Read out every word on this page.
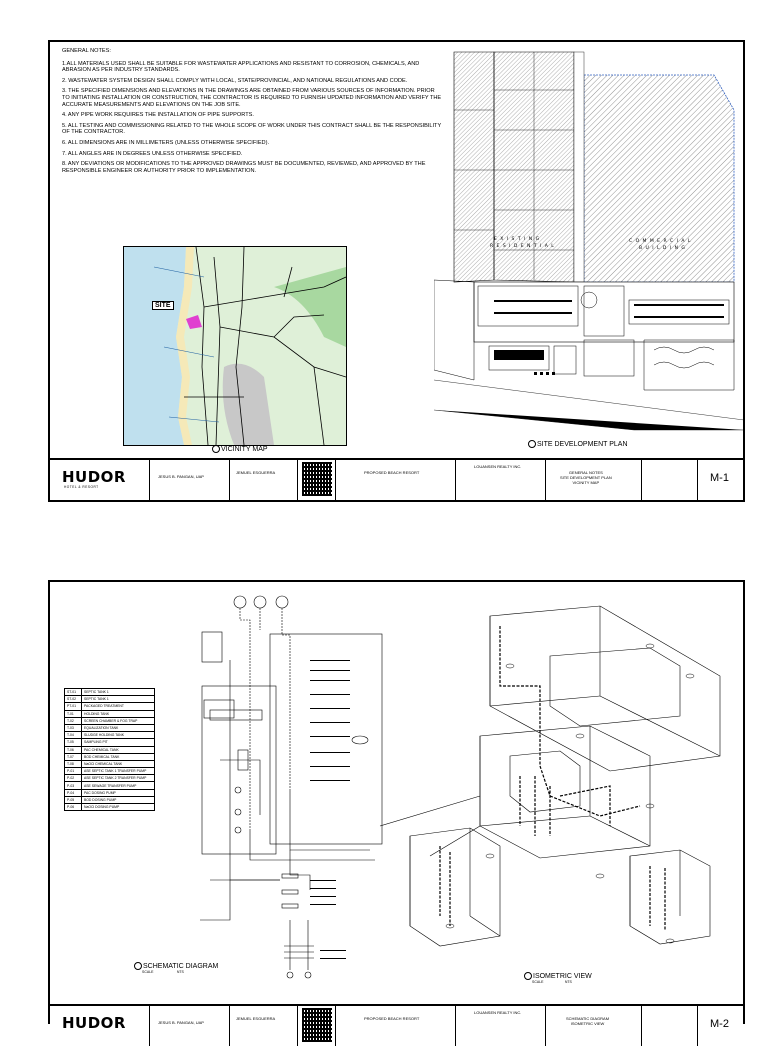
GENERAL NOTES:
1.ALL MATERIALS USED SHALL BE SUITABLE FOR WASTEWATER APPLICATIONS AND RESISTANT TO CORROSION, CHEMICALS, AND ABRASION AS PER INDUSTRY STANDARDS.
2. WASTEWATER SYSTEM DESIGN SHALL COMPLY WITH LOCAL, STATE/PROVINCIAL, AND NATIONAL REGULATIONS AND CODE.
3. THE SPECIFIED DIMENSIONS AND ELEVATIONS IN THE DRAWINGS ARE OBTAINED FROM VARIOUS SOURCES OF INFORMATION. PRIOR TO INITIATING INSTALLATION OR CONSTRUCTION, THE CONTRACTOR IS REQUIRED TO FURNISH UPDATED INFORMATION AND VERIFY THE ACCURATE MEASUREMENTS AND ELEVATIONS ON THE JOB SITE.
4. ANY PIPE WORK REQUIRES THE INSTALLATION OF PIPE SUPPORTS.
5. ALL TESTING AND COMMISSIONING RELATED TO THE WHOLE SCOPE OF WORK UNDER THIS CONTRACT SHALL BE THE RESPONSIBILITY OF THE CONTRACTOR.
6. ALL DIMENSIONS ARE IN MILLIMETERS (UNLESS OTHERWISE SPECIFIED).
7. ALL ANGLES ARE IN DEGREES UNLESS OTHERWISE SPECIFIED.
8. ANY DEVIATIONS OR MODIFICATIONS TO THE APPROVED DRAWINGS MUST BE DOCUMENTED, REVIEWED, AND APPROVED BY THE RESPONSIBLE ENGINEER OR AUTHORITY PRIOR TO IMPLEMENTATION.
SITE
VICINITY MAP
E X I S T I N G
R E S I D E N T I A L
C O M M E R C I A L
B U I L D I N G
SITE DEVELOPMENT PLAN
HUDOR
HOTEL & RESORT
JESUS B. PANGAN, UAP
JEMUEL ESGUERRA	PROPOSED BEACH RESORT
LOUANSEN REALTY INC.
GENERAL NOTES
SITE DEVELOPMENT PLAN
VICINITY MAP	M-1
ST-01	SEPTIC TANK 1
ST-02	SEPTIC TANK 1
PT-01	PACKAGED TREATMENT
T-01	HOLDING TANK
T-02	SCREEN CHAMBER & FOG TRAP
T-03	EQUALIZATION TANK
T-04	SLUDGE HOLDING TANK
T-05	SAMPLING PIT
T-06	PAC CHEMICAL TANK
T-07	BOD CHEMICAL TANK
T-08	NaOCl CHEMICAL TANK
P-01	ASE SEPTIC TANK 1 TRANSFER PUMP
P-02	ASE SEPTIC TANK 2 TRANSFER PUMP
P-03	ASE SEWAGE TRANSFER PUMP
P-04	PAC DOSING PUMP
P-05	BOD DOSING PUMP
P-06	NaOCl DOSING PUMP
SCHEMATIC DIAGRAM
SCALE	NTS
ISOMETRIC VIEW
SCALE	NTS
HUDOR	JESUS B. PANGAN, UAP
JEMUEL ESGUERRA	PROPOSED BEACH RESORT
LOUANSEN REALTY INC.
SCHEMATIC DIAGRAM
ISOMETRIC VIEW	M-2
